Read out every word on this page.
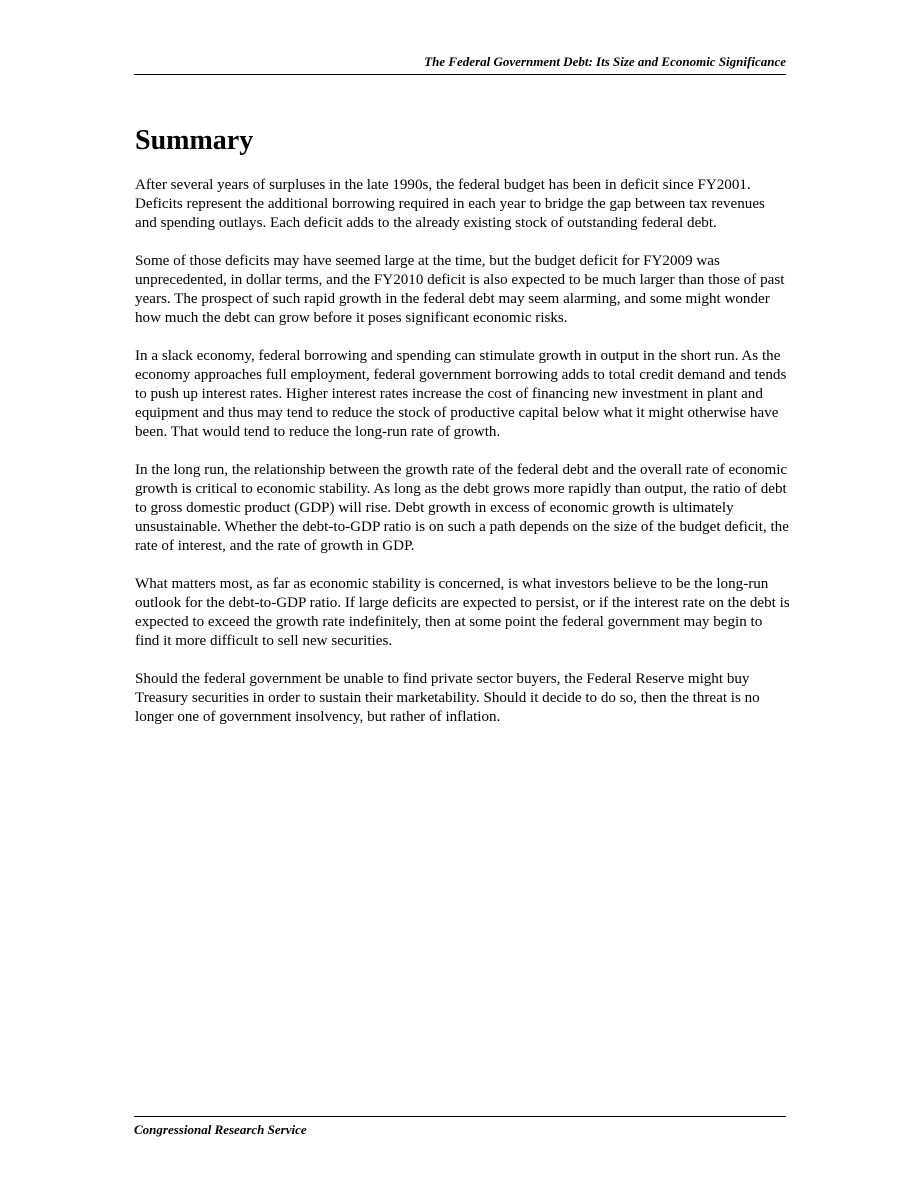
The Federal Government Debt: Its Size and Economic Significance
Summary

After several years of surpluses in the late 1990s, the federal budget has been in deficit since FY2001. Deficits represent the additional borrowing required in each year to bridge the gap between tax revenues and spending outlays. Each deficit adds to the already existing stock of outstanding federal debt.

Some of those deficits may have seemed large at the time, but the budget deficit for FY2009 was unprecedented, in dollar terms, and the FY2010 deficit is also expected to be much larger than those of past years. The prospect of such rapid growth in the federal debt may seem alarming, and some might wonder how much the debt can grow before it poses significant economic risks.

In a slack economy, federal borrowing and spending can stimulate growth in output in the short run. As the economy approaches full employment, federal government borrowing adds to total credit demand and tends to push up interest rates. Higher interest rates increase the cost of financing new investment in plant and equipment and thus may tend to reduce the stock of productive capital below what it might otherwise have been. That would tend to reduce the long-run rate of growth.

In the long run, the relationship between the growth rate of the federal debt and the overall rate of economic growth is critical to economic stability. As long as the debt grows more rapidly than output, the ratio of debt to gross domestic product (GDP) will rise. Debt growth in excess of economic growth is ultimately unsustainable. Whether the debt-to-GDP ratio is on such a path depends on the size of the budget deficit, the rate of interest, and the rate of growth in GDP.

What matters most, as far as economic stability is concerned, is what investors believe to be the long-run outlook for the debt-to-GDP ratio. If large deficits are expected to persist, or if the interest rate on the debt is expected to exceed the growth rate indefinitely, then at some point the federal government may begin to find it more difficult to sell new securities.

Should the federal government be unable to find private sector buyers, the Federal Reserve might buy Treasury securities in order to sustain their marketability. Should it decide to do so, then the threat is no longer one of government insolvency, but rather of inflation.

Congressional Research Service
